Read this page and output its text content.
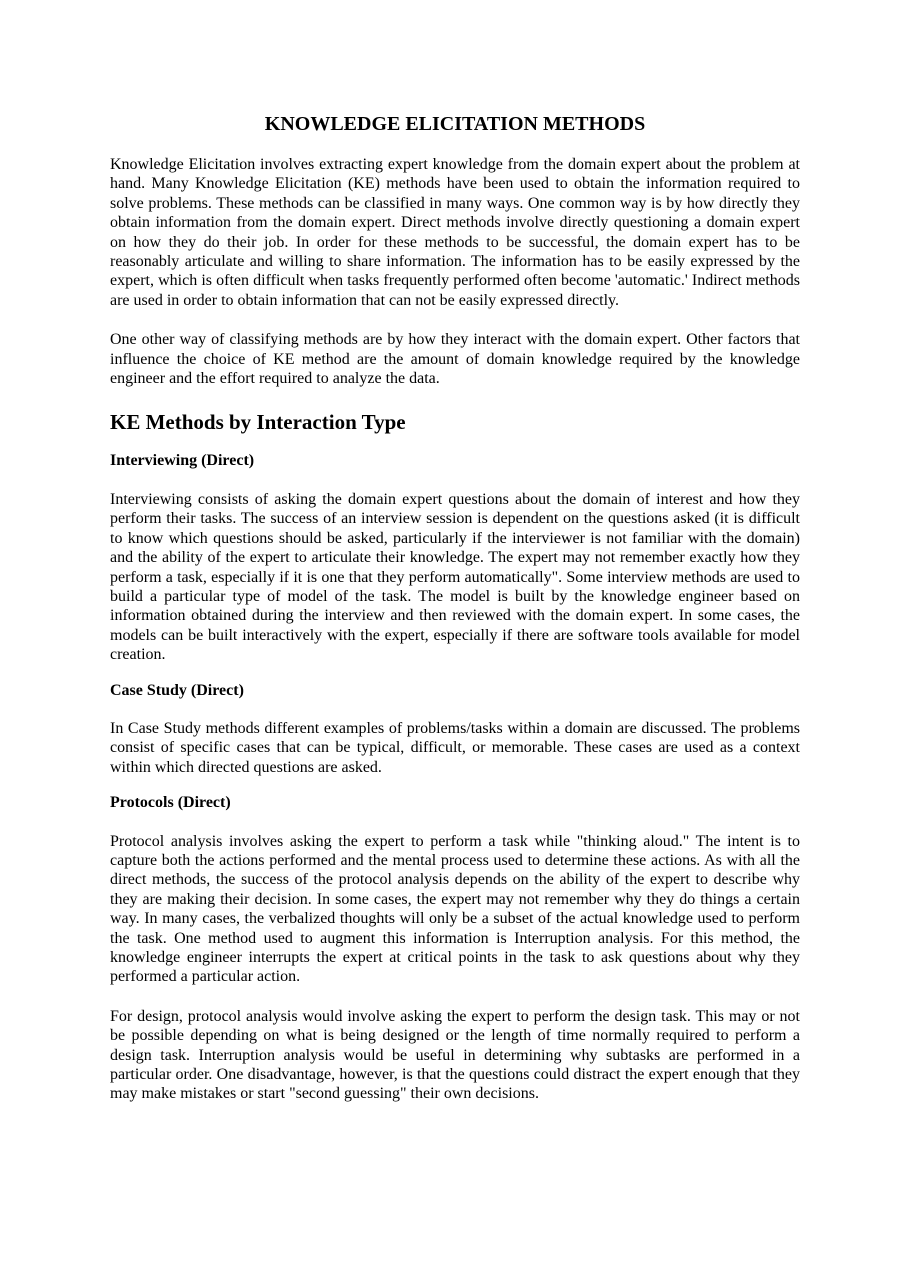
KNOWLEDGE ELICITATION METHODS

Knowledge Elicitation involves extracting expert knowledge from the domain expert about the problem at hand. Many Knowledge Elicitation (KE) methods have been used to obtain the information required to solve problems. These methods can be classified in many ways. One common way is by how directly they obtain information from the domain expert. Direct methods involve directly questioning a domain expert on how they do their job. In order for these methods to be successful, the domain expert has to be reasonably articulate and willing to share information. The information has to be easily expressed by the expert, which is often difficult when tasks frequently performed often become 'automatic.' Indirect methods are used in order to obtain information that can not be easily expressed directly.

One other way of classifying methods are by how they interact with the domain expert. Other factors that influence the choice of KE method are the amount of domain knowledge required by the knowledge engineer and the effort required to analyze the data.

KE Methods by Interaction Type
Interviewing (Direct)

Interviewing consists of asking the domain expert questions about the domain of interest and how they perform their tasks. The success of an interview session is dependent on the questions asked (it is difficult to know which questions should be asked, particularly if the interviewer is not familiar with the domain) and the ability of the expert to articulate their knowledge. The expert may not remember exactly how they perform a task, especially if it is one that they perform automatically". Some interview methods are used to build a particular type of model of the task. The model is built by the knowledge engineer based on information obtained during the interview and then reviewed with the domain expert. In some cases, the models can be built interactively with the expert, especially if there are software tools available for model creation.

Case Study (Direct)

In Case Study methods different examples of problems/tasks within a domain are discussed. The problems consist of specific cases that can be typical, difficult, or memorable. These cases are used as a context within which directed questions are asked.

Protocols (Direct)

Protocol analysis involves asking the expert to perform a task while "thinking aloud." The intent is to capture both the actions performed and the mental process used to determine these actions. As with all the direct methods, the success of the protocol analysis depends on the ability of the expert to describe why they are making their decision. In some cases, the expert may not remember why they do things a certain way. In many cases, the verbalized thoughts will only be a subset of the actual knowledge used to perform the task. One method used to augment this information is Interruption analysis. For this method, the knowledge engineer interrupts the expert at critical points in the task to ask questions about why they performed a particular action.

For design, protocol analysis would involve asking the expert to perform the design task. This may or not be possible depending on what is being designed or the length of time normally required to perform a design task. Interruption analysis would be useful in determining why subtasks are performed in a particular order. One disadvantage, however, is that the questions could distract the expert enough that they may make mistakes or start "second guessing" their own decisions.
